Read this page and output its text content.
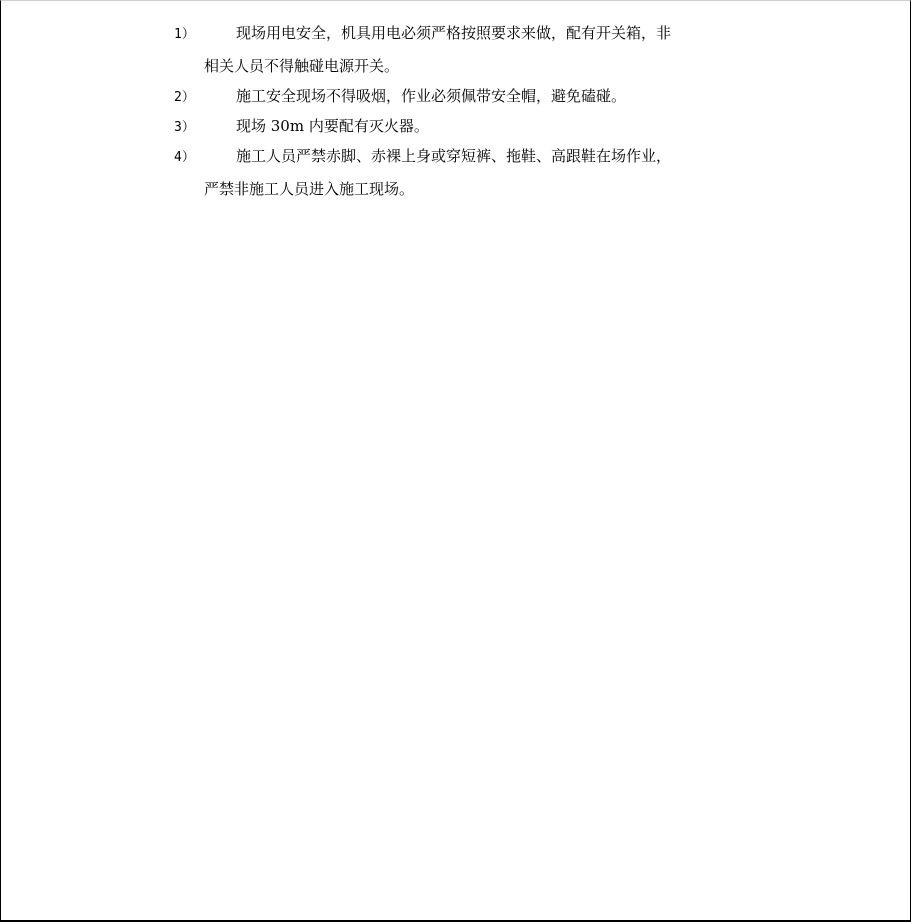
1）	现场用电安全，机具用电必须严格按照要求来做，配有开关箱，非
相关人员不得触碰电源开关。
2）	施工安全现场不得吸烟，作业必须佩带安全帽，避免磕碰。
3）	现场 30m 内要配有灭火器。
4）	施工人员严禁赤脚、赤裸上身或穿短裤、拖鞋、高跟鞋在场作业，
严禁非施工人员进入施工现场。
